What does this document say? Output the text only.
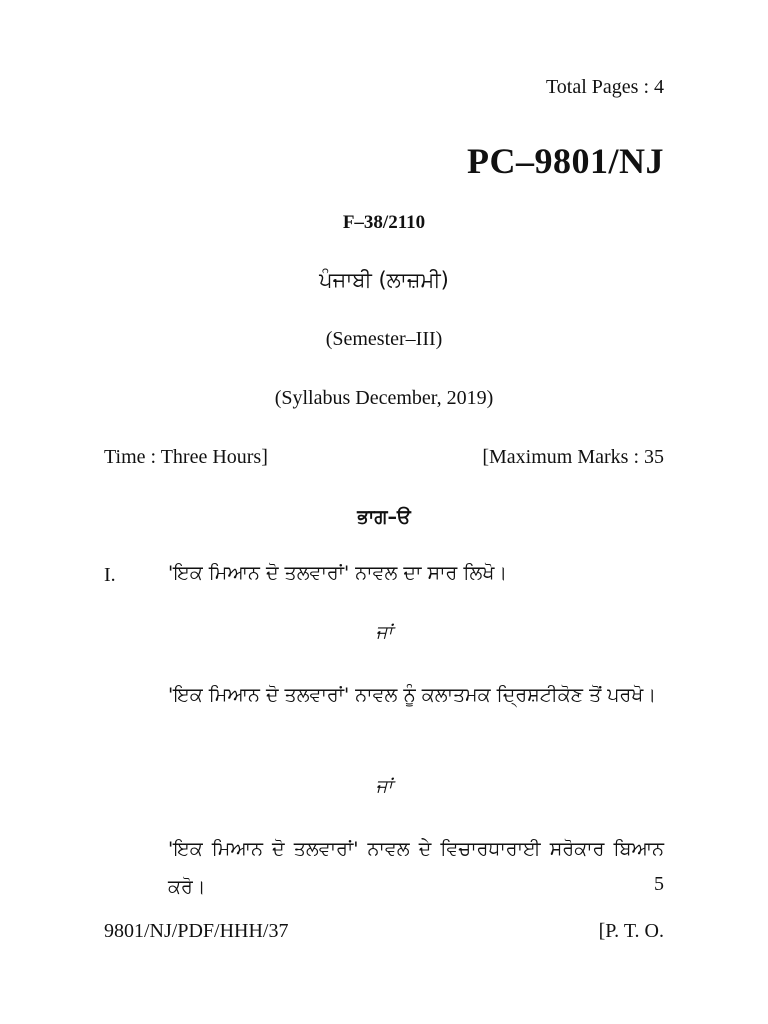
Total Pages : 4
PC–9801/NJ
F–38/2110
ਪੰਜਾਬੀ (ਲਾਜ਼ਮੀ)
(Semester–III)
(Syllabus December, 2019)
Time : Three Hours]	[Maximum Marks : 35
ਭਾਗ–ੳ
I.	'ਇਕ ਮਿਆਨ ਦੋ ਤਲਵਾਰਾਂ' ਨਾਵਲ ਦਾ ਸਾਰ ਲਿਖੋ।
ਜਾਂ
'ਇਕ ਮਿਆਨ ਦੋ ਤਲਵਾਰਾਂ' ਨਾਵਲ ਨੂੰ ਕਲਾਤਮਕ ਦ੍ਰਿਸ਼ਟੀਕੋਣ ਤੋਂ ਪਰਖੋ।
ਜਾਂ
'ਇਕ ਮਿਆਨ ਦੋ ਤਲਵਾਰਾਂ' ਨਾਵਲ ਦੇ ਵਿਚਾਰਧਾਰਾਈ ਸਰੋਕਾਰ ਬਿਆਨ ਕਰੋ।	5
9801/NJ/PDF/HHH/37	[P. T. O.
